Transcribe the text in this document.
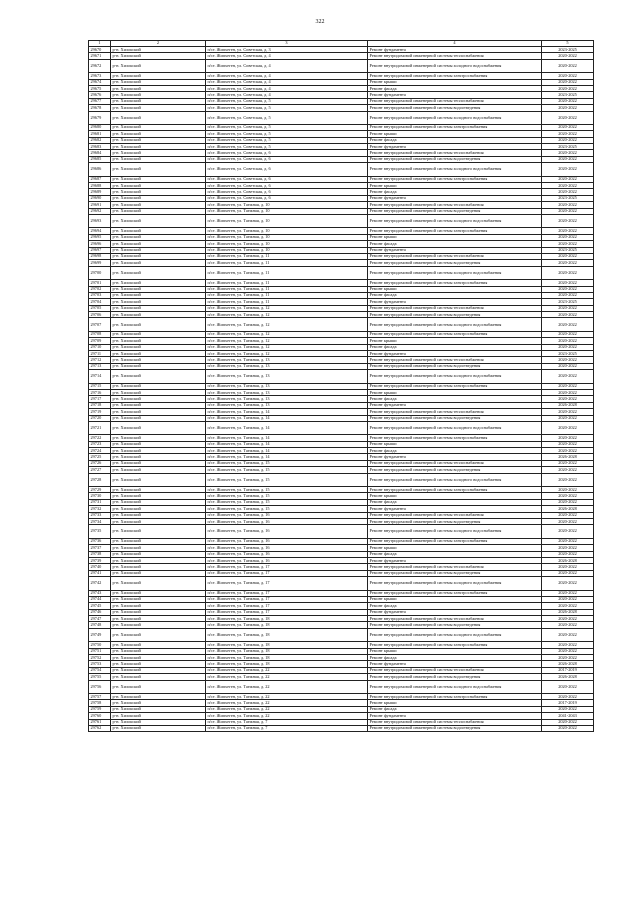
322
1	2	3	4	5
29670	р-н. Хилокский	п/ст. Жипхеген, ул. Советская, д. 3	Ремонт фундамента	2023-2025
29671	р-н. Хилокский	п/ст. Жипхеген, ул. Советская, д. 4	Ремонт внутридомовой инженерной системы теплоснабжения	2020-2022
29672	р-н. Хилокский	п/ст. Жипхеген, ул. Советская, д. 4	Ремонт внутридомовой инженерной системы холодного водоснабжения	2020-2022
29673	р-н. Хилокский	п/ст. Жипхеген, ул. Советская, д. 4	Ремонт внутридомовой инженерной системы электроснабжения	2020-2022
29674	р-н. Хилокский	п/ст. Жипхеген, ул. Советская, д. 4	Ремонт крыши	2020-2022
29675	р-н. Хилокский	п/ст. Жипхеген, ул. Советская, д. 4	Ремонт фасада	2020-2022
29676	р-н. Хилокский	п/ст. Жипхеген, ул. Советская, д. 4	Ремонт фундамента	2023-2025
29677	р-н. Хилокский	п/ст. Жипхеген, ул. Советская, д. 5	Ремонт внутридомовой инженерной системы теплоснабжения	2020-2022
29678	р-н. Хилокский	п/ст. Жипхеген, ул. Советская, д. 5	Ремонт внутридомовой инженерной системы водоотведения	2020-2022
29679	р-н. Хилокский	п/ст. Жипхеген, ул. Советская, д. 5	Ремонт внутридомовой инженерной системы холодного водоснабжения	2020-2022
29680	р-н. Хилокский	п/ст. Жипхеген, ул. Советская, д. 5	Ремонт внутридомовой инженерной системы электроснабжения	2020-2022
29681	р-н. Хилокский	п/ст. Жипхеген, ул. Советская, д. 5	Ремонт крыши	2020-2022
29682	р-н. Хилокский	п/ст. Жипхеген, ул. Советская, д. 5	Ремонт фасада	2020-2022
29683	р-н. Хилокский	п/ст. Жипхеген, ул. Советская, д. 5	Ремонт фундамента	2023-2025
29684	р-н. Хилокский	п/ст. Жипхеген, ул. Советская, д. 6	Ремонт внутридомовой инженерной системы теплоснабжения	2020-2022
29685	р-н. Хилокский	п/ст. Жипхеген, ул. Советская, д. 6	Ремонт внутридомовой инженерной системы водоотведения	2020-2022
29686	р-н. Хилокский	п/ст. Жипхеген, ул. Советская, д. 6	Ремонт внутридомовой инженерной системы холодного водоснабжения	2020-2022
29687	р-н. Хилокский	п/ст. Жипхеген, ул. Советская, д. 6	Ремонт внутридомовой инженерной системы электроснабжения	2020-2022
29688	р-н. Хилокский	п/ст. Жипхеген, ул. Советская, д. 6	Ремонт крыши	2020-2022
29689	р-н. Хилокский	п/ст. Жипхеген, ул. Советская, д. 6	Ремонт фасада	2020-2022
29690	р-н. Хилокский	п/ст. Жипхеген, ул. Советская, д. 6	Ремонт фундамента	2023-2025
29691	р-н. Хилокский	п/ст. Жипхеген, ул. Таежная, д. 10	Ремонт внутридомовой инженерной системы теплоснабжения	2020-2022
29692	р-н. Хилокский	п/ст. Жипхеген, ул. Таежная, д. 10	Ремонт внутридомовой инженерной системы водоотведения	2020-2022
29693	р-н. Хилокский	п/ст. Жипхеген, ул. Таежная, д. 10	Ремонт внутридомовой инженерной системы холодного водоснабжения	2020-2022
29694	р-н. Хилокский	п/ст. Жипхеген, ул. Таежная, д. 10	Ремонт внутридомовой инженерной системы электроснабжения	2020-2022
29695	р-н. Хилокский	п/ст. Жипхеген, ул. Таежная, д. 10	Ремонт крыши	2020-2022
29696	р-н. Хилокский	п/ст. Жипхеген, ул. Таежная, д. 10	Ремонт фасада	2020-2022
29697	р-н. Хилокский	п/ст. Жипхеген, ул. Таежная, д. 10	Ремонт фундамента	2023-2025
29698	р-н. Хилокский	п/ст. Жипхеген, ул. Таежная, д. 11	Ремонт внутридомовой инженерной системы теплоснабжения	2020-2022
29699	р-н. Хилокский	п/ст. Жипхеген, ул. Таежная, д. 11	Ремонт внутридомовой инженерной системы водоотведения	2020-2022
29700	р-н. Хилокский	п/ст. Жипхеген, ул. Таежная, д. 11	Ремонт внутридомовой инженерной системы холодного водоснабжения	2020-2022
29701	р-н. Хилокский	п/ст. Жипхеген, ул. Таежная, д. 11	Ремонт внутридомовой инженерной системы электроснабжения	2020-2022
29702	р-н. Хилокский	п/ст. Жипхеген, ул. Таежная, д. 11	Ремонт крыши	2020-2022
29703	р-н. Хилокский	п/ст. Жипхеген, ул. Таежная, д. 11	Ремонт фасада	2020-2022
29704	р-н. Хилокский	п/ст. Жипхеген, ул. Таежная, д. 11	Ремонт фундамента	2023-2025
29705	р-н. Хилокский	п/ст. Жипхеген, ул. Таежная, д. 12	Ремонт внутридомовой инженерной системы теплоснабжения	2020-2022
29706	р-н. Хилокский	п/ст. Жипхеген, ул. Таежная, д. 12	Ремонт внутридомовой инженерной системы водоотведения	2020-2022
29707	р-н. Хилокский	п/ст. Жипхеген, ул. Таежная, д. 12	Ремонт внутридомовой инженерной системы холодного водоснабжения	2020-2022
29708	р-н. Хилокский	п/ст. Жипхеген, ул. Таежная, д. 12	Ремонт внутридомовой инженерной системы электроснабжения	2020-2022
29709	р-н. Хилокский	п/ст. Жипхеген, ул. Таежная, д. 12	Ремонт крыши	2020-2022
29710	р-н. Хилокский	п/ст. Жипхеген, ул. Таежная, д. 12	Ремонт фасада	2020-2022
29711	р-н. Хилокский	п/ст. Жипхеген, ул. Таежная, д. 12	Ремонт фундамента	2023-2025
29712	р-н. Хилокский	п/ст. Жипхеген, ул. Таежная, д. 13	Ремонт внутридомовой инженерной системы теплоснабжения	2020-2022
29713	р-н. Хилокский	п/ст. Жипхеген, ул. Таежная, д. 13	Ремонт внутридомовой инженерной системы водоотведения	2020-2022
29714	р-н. Хилокский	п/ст. Жипхеген, ул. Таежная, д. 13	Ремонт внутридомовой инженерной системы холодного водоснабжения	2020-2022
29715	р-н. Хилокский	п/ст. Жипхеген, ул. Таежная, д. 13	Ремонт внутридомовой инженерной системы электроснабжения	2020-2022
29716	р-н. Хилокский	п/ст. Жипхеген, ул. Таежная, д. 13	Ремонт крыши	2020-2022
29717	р-н. Хилокский	п/ст. Жипхеген, ул. Таежная, д. 13	Ремонт фасада	2020-2022
29718	р-н. Хилокский	п/ст. Жипхеген, ул. Таежная, д. 13	Ремонт фундамента	2026-2028
29719	р-н. Хилокский	п/ст. Жипхеген, ул. Таежная, д. 14	Ремонт внутридомовой инженерной системы теплоснабжения	2020-2022
29720	р-н. Хилокский	п/ст. Жипхеген, ул. Таежная, д. 14	Ремонт внутридомовой инженерной системы водоотведения	2020-2022
29721	р-н. Хилокский	п/ст. Жипхеген, ул. Таежная, д. 14	Ремонт внутридомовой инженерной системы холодного водоснабжения	2020-2022
29722	р-н. Хилокский	п/ст. Жипхеген, ул. Таежная, д. 14	Ремонт внутридомовой инженерной системы электроснабжения	2020-2022
29723	р-н. Хилокский	п/ст. Жипхеген, ул. Таежная, д. 14	Ремонт крыши	2020-2022
29724	р-н. Хилокский	п/ст. Жипхеген, ул. Таежная, д. 14	Ремонт фасада	2020-2022
29725	р-н. Хилокский	п/ст. Жипхеген, ул. Таежная, д. 14	Ремонт фундамента	2026-2028
29726	р-н. Хилокский	п/ст. Жипхеген, ул. Таежная, д. 15	Ремонт внутридомовой инженерной системы теплоснабжения	2020-2022
29727	р-н. Хилокский	п/ст. Жипхеген, ул. Таежная, д. 15	Ремонт внутридомовой инженерной системы водоотведения	2020-2022
29728	р-н. Хилокский	п/ст. Жипхеген, ул. Таежная, д. 15	Ремонт внутридомовой инженерной системы холодного водоснабжения	2020-2022
29729	р-н. Хилокский	п/ст. Жипхеген, ул. Таежная, д. 15	Ремонт внутридомовой инженерной системы электроснабжения	2020-2022
29730	р-н. Хилокский	п/ст. Жипхеген, ул. Таежная, д. 15	Ремонт крыши	2020-2022
29731	р-н. Хилокский	п/ст. Жипхеген, ул. Таежная, д. 15	Ремонт фасада	2020-2022
29732	р-н. Хилокский	п/ст. Жипхеген, ул. Таежная, д. 15	Ремонт фундамента	2026-2028
29733	р-н. Хилокский	п/ст. Жипхеген, ул. Таежная, д. 16	Ремонт внутридомовой инженерной системы теплоснабжения	2020-2022
29734	р-н. Хилокский	п/ст. Жипхеген, ул. Таежная, д. 16	Ремонт внутридомовой инженерной системы водоотведения	2020-2022
29735	р-н. Хилокский	п/ст. Жипхеген, ул. Таежная, д. 16	Ремонт внутридомовой инженерной системы холодного водоснабжения	2020-2022
29736	р-н. Хилокский	п/ст. Жипхеген, ул. Таежная, д. 16	Ремонт внутридомовой инженерной системы электроснабжения	2020-2022
29737	р-н. Хилокский	п/ст. Жипхеген, ул. Таежная, д. 16	Ремонт крыши	2020-2022
29738	р-н. Хилокский	п/ст. Жипхеген, ул. Таежная, д. 16	Ремонт фасада	2020-2022
29739	р-н. Хилокский	п/ст. Жипхеген, ул. Таежная, д. 16	Ремонт фундамента	2026-2028
29740	р-н. Хилокский	п/ст. Жипхеген, ул. Таежная, д. 17	Ремонт внутридомовой инженерной системы теплоснабжения	2020-2022
29741	р-н. Хилокский	п/ст. Жипхеген, ул. Таежная, д. 17	Ремонт внутридомовой инженерной системы водоотведения	2020-2022
29742	р-н. Хилокский	п/ст. Жипхеген, ул. Таежная, д. 17	Ремонт внутридомовой инженерной системы холодного водоснабжения	2020-2022
29743	р-н. Хилокский	п/ст. Жипхеген, ул. Таежная, д. 17	Ремонт внутридомовой инженерной системы электроснабжения	2020-2022
29744	р-н. Хилокский	п/ст. Жипхеген, ул. Таежная, д. 17	Ремонт крыши	2020-2022
29745	р-н. Хилокский	п/ст. Жипхеген, ул. Таежная, д. 17	Ремонт фасада	2020-2022
29746	р-н. Хилокский	п/ст. Жипхеген, ул. Таежная, д. 17	Ремонт фундамента	2026-2028
29747	р-н. Хилокский	п/ст. Жипхеген, ул. Таежная, д. 18	Ремонт внутридомовой инженерной системы теплоснабжения	2020-2022
29748	р-н. Хилокский	п/ст. Жипхеген, ул. Таежная, д. 18	Ремонт внутридомовой инженерной системы водоотведения	2020-2022
29749	р-н. Хилокский	п/ст. Жипхеген, ул. Таежная, д. 18	Ремонт внутридомовой инженерной системы холодного водоснабжения	2020-2022
29750	р-н. Хилокский	п/ст. Жипхеген, ул. Таежная, д. 18	Ремонт внутридомовой инженерной системы электроснабжения	2020-2022
29751	р-н. Хилокский	п/ст. Жипхеген, ул. Таежная, д. 18	Ремонт крыши	2020-2022
29752	р-н. Хилокский	п/ст. Жипхеген, ул. Таежная, д. 18	Ремонт фасада	2020-2022
29753	р-н. Хилокский	п/ст. Жипхеген, ул. Таежная, д. 18	Ремонт фундамента	2026-2028
29754	р-н. Хилокский	п/ст. Жипхеген, ул. Таежная, д. 22	Ремонт внутридомовой инженерной системы теплоснабжения	2017-2019
29755	р-н. Хилокский	п/ст. Жипхеген, ул. Таежная, д. 22	Ремонт внутридомовой инженерной системы водоотведения	2026-2028
29756	р-н. Хилокский	п/ст. Жипхеген, ул. Таежная, д. 22	Ремонт внутридомовой инженерной системы холодного водоснабжения	2020-2022
29757	р-н. Хилокский	п/ст. Жипхеген, ул. Таежная, д. 22	Ремонт внутридомовой инженерной системы электроснабжения	2020-2022
29758	р-н. Хилокский	п/ст. Жипхеген, ул. Таежная, д. 22	Ремонт крыши	2017-2019
29759	р-н. Хилокский	п/ст. Жипхеген, ул. Таежная, д. 22	Ремонт фасада	2020-2022
29760	р-н. Хилокский	п/ст. Жипхеген, ул. Таежная, д. 22	Ремонт фундамента	2041-2043
29761	р-н. Хилокский	п/ст. Жипхеген, ул. Таежная, д. 7	Ремонт внутридомовой инженерной системы теплоснабжения	2020-2022
29762	р-н. Хилокский	п/ст. Жипхеген, ул. Таежная, д. 7	Ремонт внутридомовой инженерной системы водоотведения	2020-2022
